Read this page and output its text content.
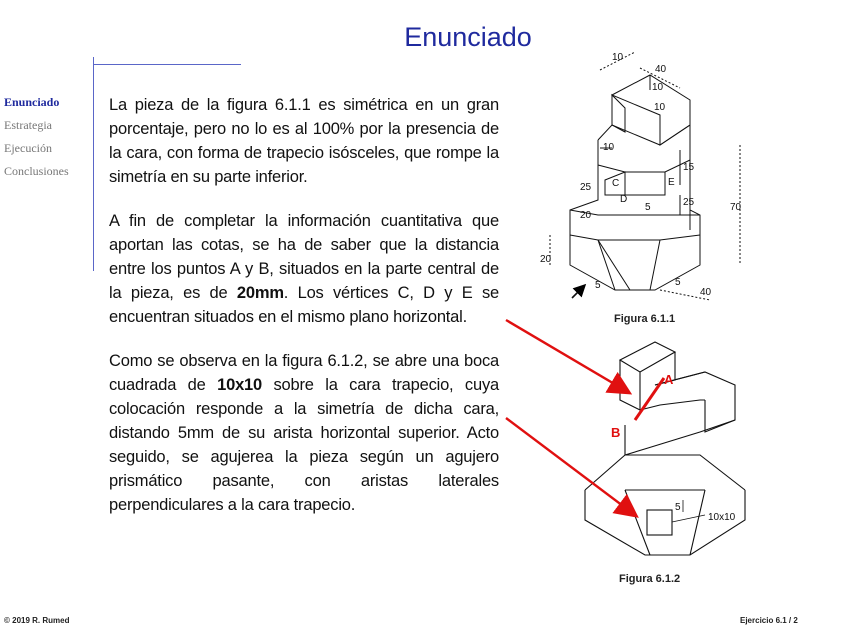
Enunciado
Enunciado
Estrategia
Ejecución
Conclusiones

La pieza de la figura 6.1.1 es simétrica en un gran porcentaje, pero no lo es al 100% por la presencia de la cara, con forma de trapecio isósceles, que rompe la simetría en su parte inferior.

A fin de completar la información cuantitativa que aportan las cotas, se ha de saber que la distancia entre los puntos A y B, situados en la parte central de la pieza, es de 20mm. Los vértices C, D y E se encuentran situados en el mismo plano horizontal.

Como se observa en la figura 6.1.2, se abre una boca cuadrada de 10x10 sobre la cara trapecio, cuya colocación responde a la simetría de dicha cara, distando 5mm de su arista horizontal superior. Acto seguido, se agujerea la pieza según un agujero prismático pasante, con aristas laterales perpendiculares a la cara trapecio.

10
40
10
10
10
15
25
25
20
5	70
20
5	5
40
C
D
E
A
B
5
10x10
Figura 6.1.1
Figura 6.1.2
© 2019 R. Rumed	Ejercicio 6.1 / 2
